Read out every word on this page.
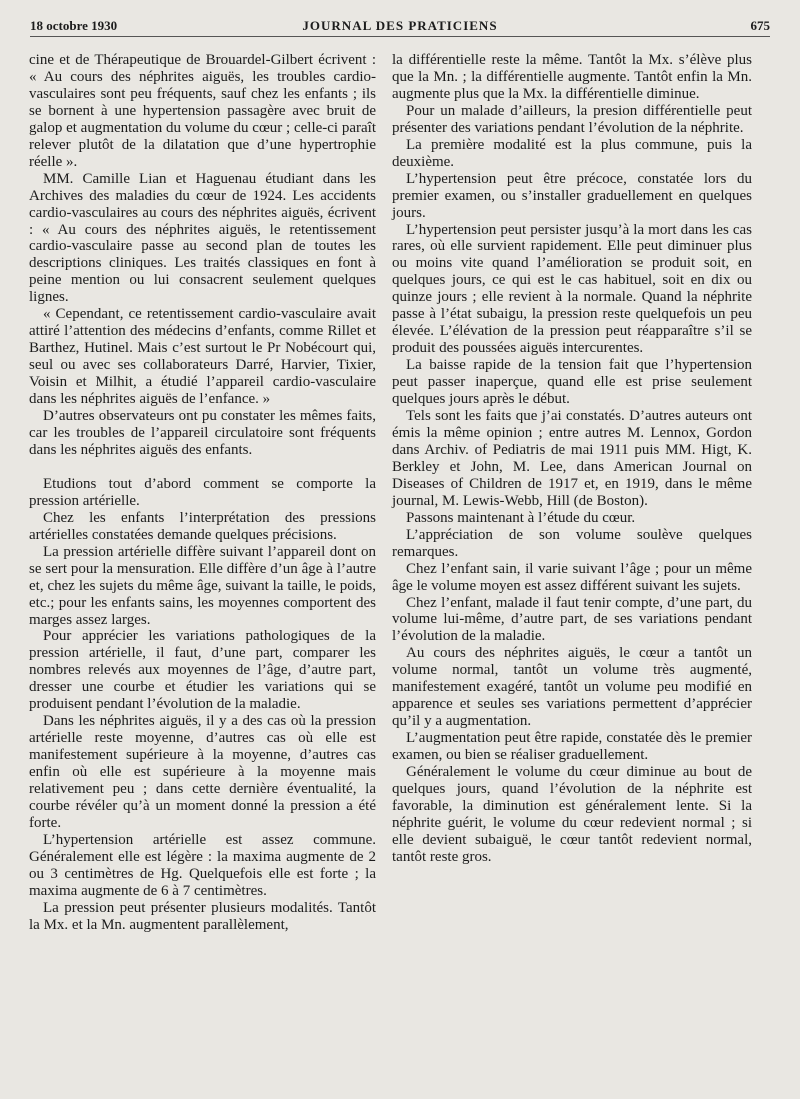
18 octobre 1930	JOURNAL DES PRATICIENS	675

cine et de Thérapeutique de Brouardel-Gilbert écrivent : « Au cours des néphrites aiguës, les troubles cardio-vasculaires sont peu fréquents, sauf chez les enfants ; ils se bornent à une hypertension passagère avec bruit de galop et augmentation du volume du cœur ; celle-ci paraît relever plutôt de la dilatation que d’une hypertrophie réelle ».

MM. Camille Lian et Haguenau étudiant dans les Archives des maladies du cœur de 1924. Les accidents cardio-vasculaires au cours des néphrites aiguës, écrivent : « Au cours des néphrites aiguës, le retentissement cardio-vasculaire passe au second plan de toutes les descriptions cliniques. Les traités classiques en font à peine mention ou lui consacrent seulement quelques lignes.

« Cependant, ce retentissement cardio-vasculaire avait attiré l’attention des médecins d’enfants, comme Rillet et Barthez, Hutinel. Mais c’est surtout le Pr Nobécourt qui, seul ou avec ses collaborateurs Darré, Harvier, Tixier, Voisin et Milhit, a étudié l’appareil cardio-vasculaire dans les néphrites aiguës de l’enfance. »

D’autres observateurs ont pu constater les mêmes faits, car les troubles de l’appareil circulatoire sont fréquents dans les néphrites aiguës des enfants.

Etudions tout d’abord comment se comporte la pression artérielle.

Chez les enfants l’interprétation des pressions artérielles constatées demande quelques précisions.

La pression artérielle diffère suivant l’appareil dont on se sert pour la mensuration. Elle diffère d’un âge à l’autre et, chez les sujets du même âge, suivant la taille, le poids, etc.; pour les enfants sains, les moyennes comportent des marges assez larges.

Pour apprécier les variations pathologiques de la pression artérielle, il faut, d’une part, comparer les nombres relevés aux moyennes de l’âge, d’autre part, dresser une courbe et étudier les variations qui se produisent pendant l’évolution de la maladie.

Dans les néphrites aiguës, il y a des cas où la pression artérielle reste moyenne, d’autres cas où elle est manifestement supérieure à la moyenne, d’autres cas enfin où elle est supérieure à la moyenne mais relativement peu ; dans cette dernière éventualité, la courbe révéler qu’à un moment donné la pression a été forte.

L’hypertension artérielle est assez commune. Généralement elle est légère : la maxima augmente de 2 ou 3 centimètres de Hg. Quelquefois elle est forte ; la maxima augmente de 6 à 7 centimètres.

La pression peut présenter plusieurs modalités. Tantôt la Mx. et la Mn. augmentent parallèlement,

la différentielle reste la même. Tantôt la Mx. s’élève plus que la Mn. ; la différentielle augmente. Tantôt enfin la Mn. augmente plus que la Mx. la différentielle diminue.

Pour un malade d’ailleurs, la presion différentielle peut présenter des variations pendant l’évolution de la néphrite.

La première modalité est la plus commune, puis la deuxième.

L’hypertension peut être précoce, constatée lors du premier examen, ou s’installer graduellement en quelques jours.

L’hypertension peut persister jusqu’à la mort dans les cas rares, où elle survient rapidement. Elle peut diminuer plus ou moins vite quand l’amélioration se produit soit, en quelques jours, ce qui est le cas habituel, soit en dix ou quinze jours ; elle revient à la normale. Quand la néphrite passe à l’état subaigu, la pression reste quelquefois un peu élevée. L’élévation de la pression peut réapparaître s’il se produit des poussées aiguës intercurentes.

La baisse rapide de la tension fait que l’hypertension peut passer inaperçue, quand elle est prise seulement quelques jours après le début.

Tels sont les faits que j’ai constatés. D’autres auteurs ont émis la même opinion ; entre autres M. Lennox, Gordon dans Archiv. of Pediatris de mai 1911 puis MM. Higt, K. Berkley et John, M. Lee, dans American Journal on Diseases of Children de 1917 et, en 1919, dans le même journal, M. Lewis-Webb, Hill (de Boston).

Passons maintenant à l’étude du cœur.

L’appréciation de son volume soulève quelques remarques.

Chez l’enfant sain, il varie suivant l’âge ; pour un même âge le volume moyen est assez différent suivant les sujets.

Chez l’enfant, malade il faut tenir compte, d’une part, du volume lui-même, d’autre part, de ses variations pendant l’évolution de la maladie.

Au cours des néphrites aiguës, le cœur a tantôt un volume normal, tantôt un volume très augmenté, manifestement exagéré, tantôt un volume peu modifié en apparence et seules ses variations permettent d’apprécier qu’il y a augmentation.

L’augmentation peut être rapide, constatée dès le premier examen, ou bien se réaliser graduellement.

Généralement le volume du cœur diminue au bout de quelques jours, quand l’évolution de la néphrite est favorable, la diminution est généralement lente. Si la néphrite guérit, le volume du cœur redevient normal ; si elle devient subaiguë, le cœur tantôt redevient normal, tantôt reste gros.
